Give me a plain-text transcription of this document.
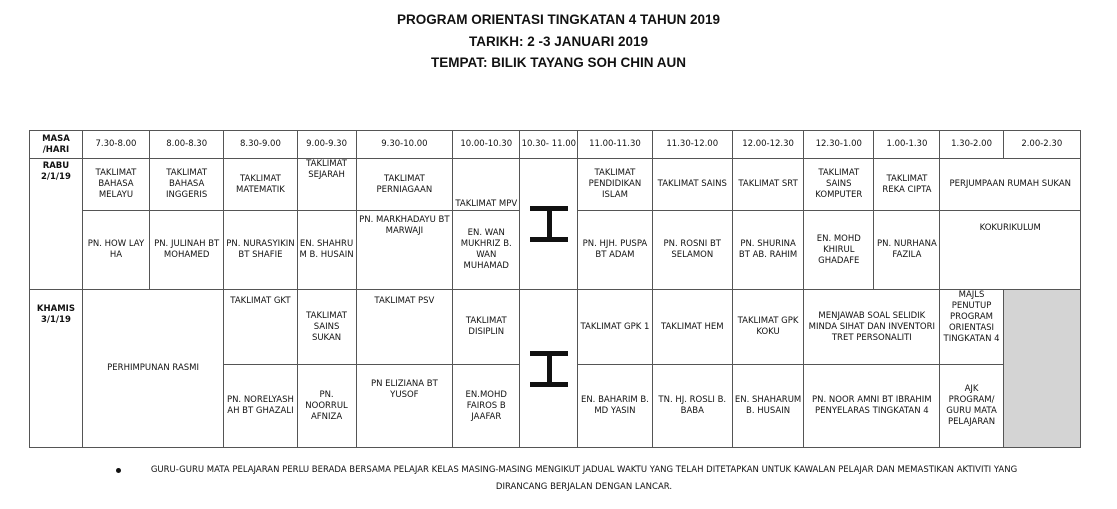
PROGRAM ORIENTASI TINGKATAN 4 TAHUN 2019
TARIKH: 2 -3 JANUARI 2019
TEMPAT: BILIK TAYANG SOH CHIN AUN
MASA /HARI	7.30-8.00	8.00-8.30	8.30-9.00	9.00-9.30	9.30-10.00	10.00-10.30	10.30- 11.00	11.00-11.30	11.30-12.00	12.00-12.30	12.30-1.00	1.00-1.30	1.30-2.00	2.00-2.30
RABU 2/1/19	TAKLIMAT BAHASA MELAYU	TAKLIMAT BAHASA INGGERIS	TAKLIMAT MATEMATIK	TAKLIMAT SEJARAH	TAKLIMAT PERNIAGAAN	TAKLIMAT MPV		TAKLIMAT PENDIDIKAN ISLAM	TAKLIMAT SAINS	TAKLIMAT SRT	TAKLIMAT SAINS KOMPUTER	TAKLIMAT REKA CIPTA	PERJUMPAAN RUMAH SUKAN	
	PN. HOW LAY HA	PN. JULINAH BT MOHAMED	PN. NURASYIKIN BT SHAFIE	EN. SHAHRU M B. HUSAIN	PN. MARKHADAYU BT MARWAJI	EN. WAN MUKHRIZ B. WAN MUHAMAD		PN. HJH. PUSPA BT ADAM	PN. ROSNI BT SELAMON	PN. SHURINA BT AB. RAHIM	EN. MOHD KHIRUL GHADAFE	PN. NURHANA FAZILA	KOKURIKULUM	
KHAMIS 3/1/19	PERHIMPUNAN RASMI		TAKLIMAT GKT	TAKLIMAT SAINS SUKAN	TAKLIMAT PSV	TAKLIMAT DISIPLIN		TAKLIMAT GPK 1	TAKLIMAT HEM	TAKLIMAT GPK KOKU	MENJAWAB SOAL SELIDIK MINDA SIHAT DAN INVENTORI TRET PERSONALITI		MAJLS PENUTUP PROGRAM ORIENTASI TINGKATAN 4	
			PN. NORELYASH AH BT GHAZALI	PN. NOORRUL AFNIZA	PN ELIZIANA BT YUSOF	EN.MOHD FAIROS B JAAFAR		EN. BAHARIM B. MD YASIN	TN. HJ. ROSLI B. BABA	EN. SHAHARUM B. HUSAIN	PN. NOOR AMNI BT IBRAHIM PENYELARAS TINGKATAN 4		AJK PROGRAM/ GURU MATA PELAJARAN	
GURU-GURU MATA PELAJARAN PERLU BERADA BERSAMA PELAJAR KELAS MASING-MASING MENGIKUT JADUAL WAKTU YANG TELAH DITETAPKAN UNTUK KAWALAN PELAJAR DAN MEMASTIKAN AKTIVITI YANG DIRANCANG BERJALAN DENGAN LANCAR.
